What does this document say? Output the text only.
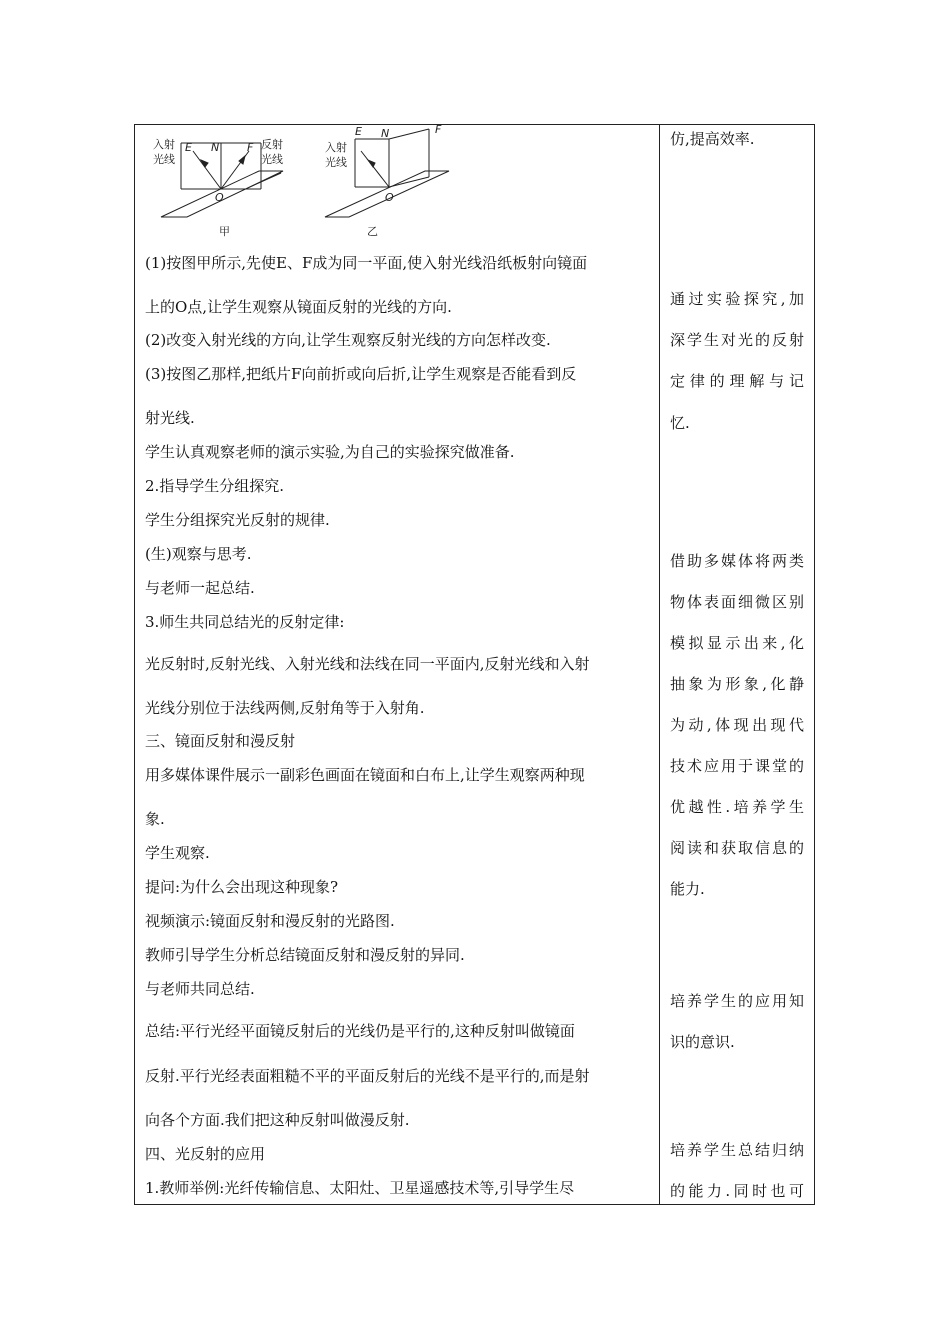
入射
光线
反射
光线
E N	F
O
甲
入射
光线
E N	F
O
乙
(1)按图甲所示,先使E、F成为同一平面,使入射光线沿纸板射向镜面
上的O点,让学生观察从镜面反射的光线的方向.
(2)改变入射光线的方向,让学生观察反射光线的方向怎样改变.
(3)按图乙那样,把纸片F向前折或向后折,让学生观察是否能看到反
射光线.
学生认真观察老师的演示实验,为自己的实验探究做准备.
2.指导学生分组探究.
学生分组探究光反射的规律.
(生)观察与思考.
与老师一起总结.
3.师生共同总结光的反射定律:
光反射时,反射光线、入射光线和法线在同一平面内,反射光线和入射
光线分别位于法线两侧,反射角等于入射角.
三、镜面反射和漫反射
用多媒体课件展示一副彩色画面在镜面和白布上,让学生观察两种现
象.
学生观察.
提问:为什么会出现这种现象?
视频演示:镜面反射和漫反射的光路图.
教师引导学生分析总结镜面反射和漫反射的异同.
与老师共同总结.
总结:平行光经平面镜反射后的光线仍是平行的,这种反射叫做镜面
反射.平行光经表面粗糙不平的平面反射后的光线不是平行的,而是射
向各个方面.我们把这种反射叫做漫反射.
四、光反射的应用
1.教师举例:光纤传输信息、太阳灶、卫星遥感技术等,引导学生尽
仿,提高效率.
通过实验探究,加
深学生对光的反射
定律的理解与记
忆.
借助多媒体将两类
物体表面细微区别
模拟显示出来,化
抽象为形象,化静
为动,体现出现代
技术应用于课堂的
优越性.培养学生
阅读和获取信息的
能力.
培养学生的应用知
识的意识.
培养学生总结归纳
的能力.同时也可
